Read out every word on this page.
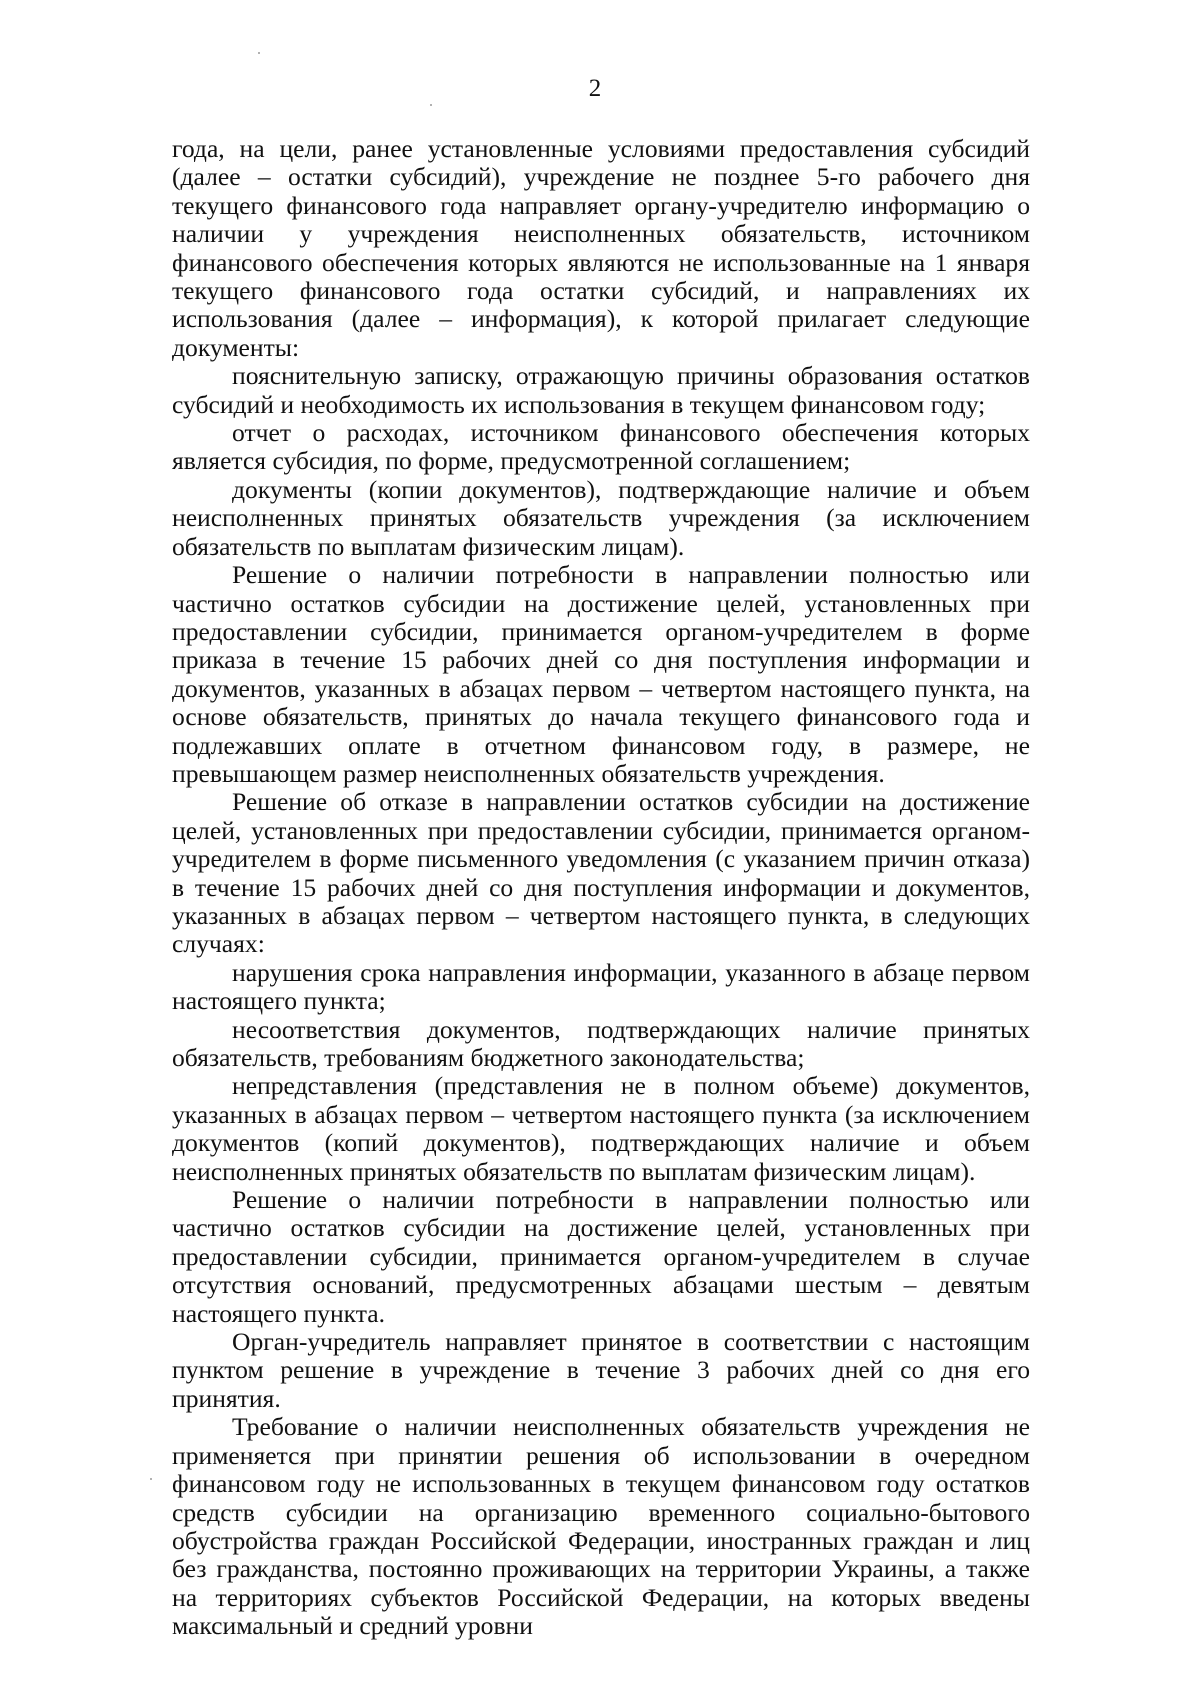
2

года, на цели, ранее установленные условиями предоставления субсидий (далее – остатки субсидий), учреждение не позднее 5-го рабочего дня текущего финансового года направляет органу-учредителю информацию о наличии у учреждения неисполненных обязательств, источником финансового обеспечения которых являются не использованные на 1 января текущего финансового года остатки субсидий, и направлениях их использования (далее – информация), к которой прилагает следующие документы:

пояснительную записку, отражающую причины образования остатков субсидий и необходимость их использования в текущем финансовом году;

отчет о расходах, источником финансового обеспечения которых является субсидия, по форме, предусмотренной соглашением;

документы (копии документов), подтверждающие наличие и объем неисполненных принятых обязательств учреждения (за исключением обязательств по выплатам физическим лицам).

Решение о наличии потребности в направлении полностью или частично остатков субсидии на достижение целей, установленных при предоставлении субсидии, принимается органом-учредителем в форме приказа в течение 15 рабочих дней со дня поступления информации и документов, указанных в абзацах первом – четвертом настоящего пункта, на основе обязательств, принятых до начала текущего финансового года и подлежавших оплате в отчетном финансовом году, в размере, не превышающем размер неисполненных обязательств учреждения.

Решение об отказе в направлении остатков субсидии на достижение целей, установленных при предоставлении субсидии, принимается органом-учредителем в форме письменного уведомления (с указанием причин отказа) в течение 15 рабочих дней со дня поступления информации и документов, указанных в абзацах первом – четвертом настоящего пункта, в следующих случаях:

нарушения срока направления информации, указанного в абзаце первом настоящего пункта;

несоответствия документов, подтверждающих наличие принятых обязательств, требованиям бюджетного законодательства;

непредставления (представления не в полном объеме) документов, указанных в абзацах первом – четвертом настоящего пункта (за исключением документов (копий документов), подтверждающих наличие и объем неисполненных принятых обязательств по выплатам физическим лицам).

Решение о наличии потребности в направлении полностью или частично остатков субсидии на достижение целей, установленных при предоставлении субсидии, принимается органом-учредителем в случае отсутствия оснований, предусмотренных абзацами шестым – девятым настоящего пункта.

Орган-учредитель направляет принятое в соответствии с настоящим пунктом решение в учреждение в течение 3 рабочих дней со дня его принятия.

Требование о наличии неисполненных обязательств учреждения не применяется при принятии решения об использовании в очередном финансовом году не использованных в текущем финансовом году остатков средств субсидии на организацию временного социально-бытового обустройства граждан Российской Федерации, иностранных граждан и лиц без гражданства, постоянно проживающих на территории Украины, а также на территориях субъектов Российской Федерации, на которых введены максимальный и средний уровни
